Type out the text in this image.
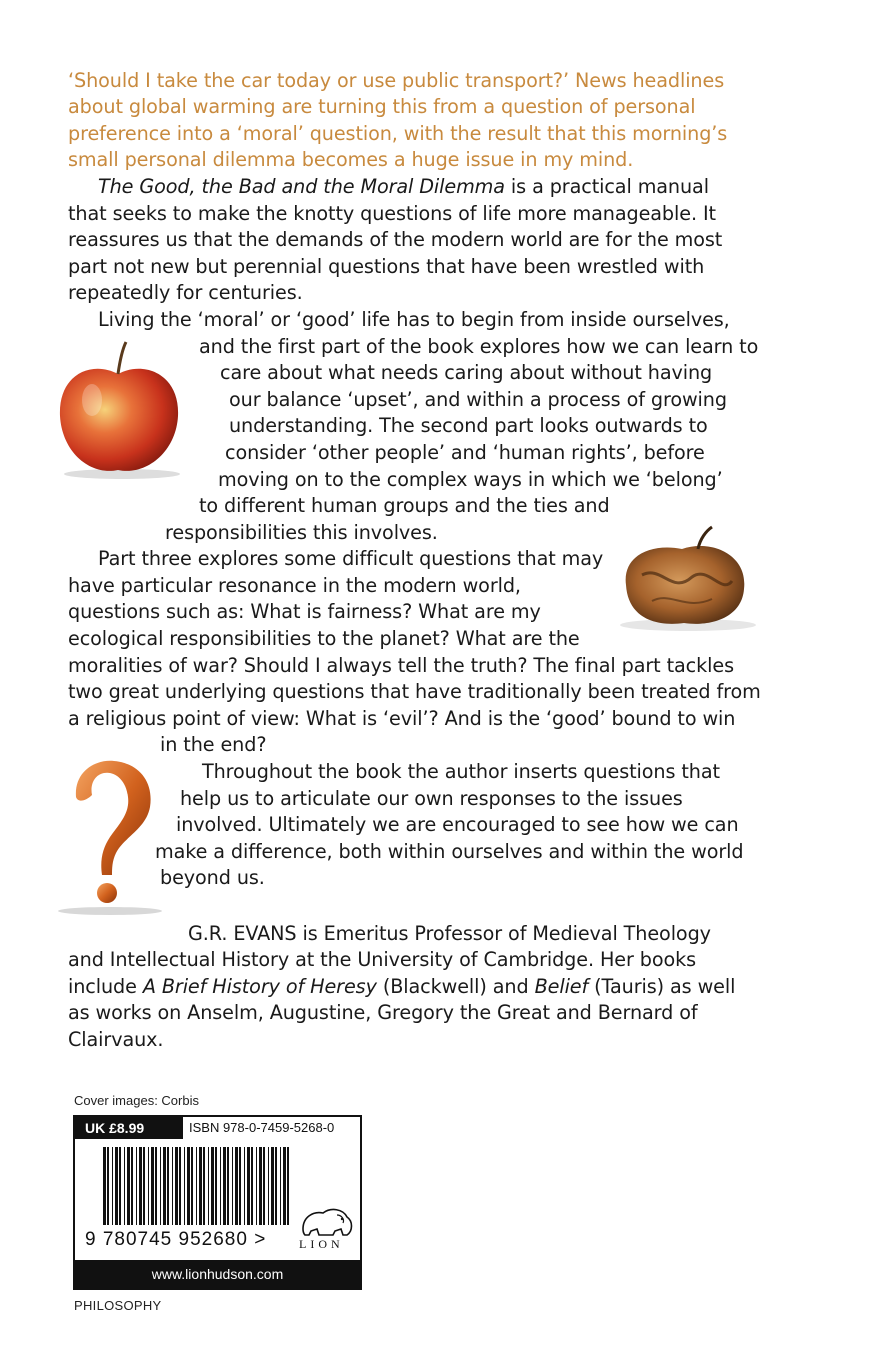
‘Should I take the car today or use public transport?’ News headlines
about global warming are turning this from a question of personal
preference into a ‘moral’ question, with the result that this morning’s
small personal dilemma becomes a huge issue in my mind.
The Good, the Bad and the Moral Dilemma is a practical manual
that seeks to make the knotty questions of life more manageable. It
reassures us that the demands of the modern world are for the most
part not new but perennial questions that have been wrestled with
repeatedly for centuries.
Living the ‘moral’ or ‘good’ life has to begin from inside ourselves,
and the first part of the book explores how we can learn to
care about what needs caring about without having
our balance ‘upset’, and within a process of growing
understanding. The second part looks outwards to
consider ‘other people’ and ‘human rights’, before
moving on to the complex ways in which we ‘belong’
to different human groups and the ties and
responsibilities this involves.
Part three explores some difficult questions that may
have particular resonance in the modern world,
questions such as: What is fairness? What are my
ecological responsibilities to the planet? What are the
moralities of war? Should I always tell the truth? The final part tackles
two great underlying questions that have traditionally been treated from
a religious point of view: What is ‘evil’? And is the ‘good’ bound to win
in the end?
Throughout the book the author inserts questions that
help us to articulate our own responses to the issues
involved. Ultimately we are encouraged to see how we can
make a difference, both within ourselves and within the world
beyond us.
G.R. EVANS is Emeritus Professor of Medieval Theology
and Intellectual History at the University of Cambridge. Her books
include A Brief History of Heresy (Blackwell) and Belief (Tauris) as well
as works on Anselm, Augustine, Gregory the Great and Bernard of
Clairvaux.
Cover images: Corbis
UK £8.99	ISBN 978-0-7459-5268-0
9 780745 952680 >	LION
www.lionhudson.com
PHILOSOPHY
